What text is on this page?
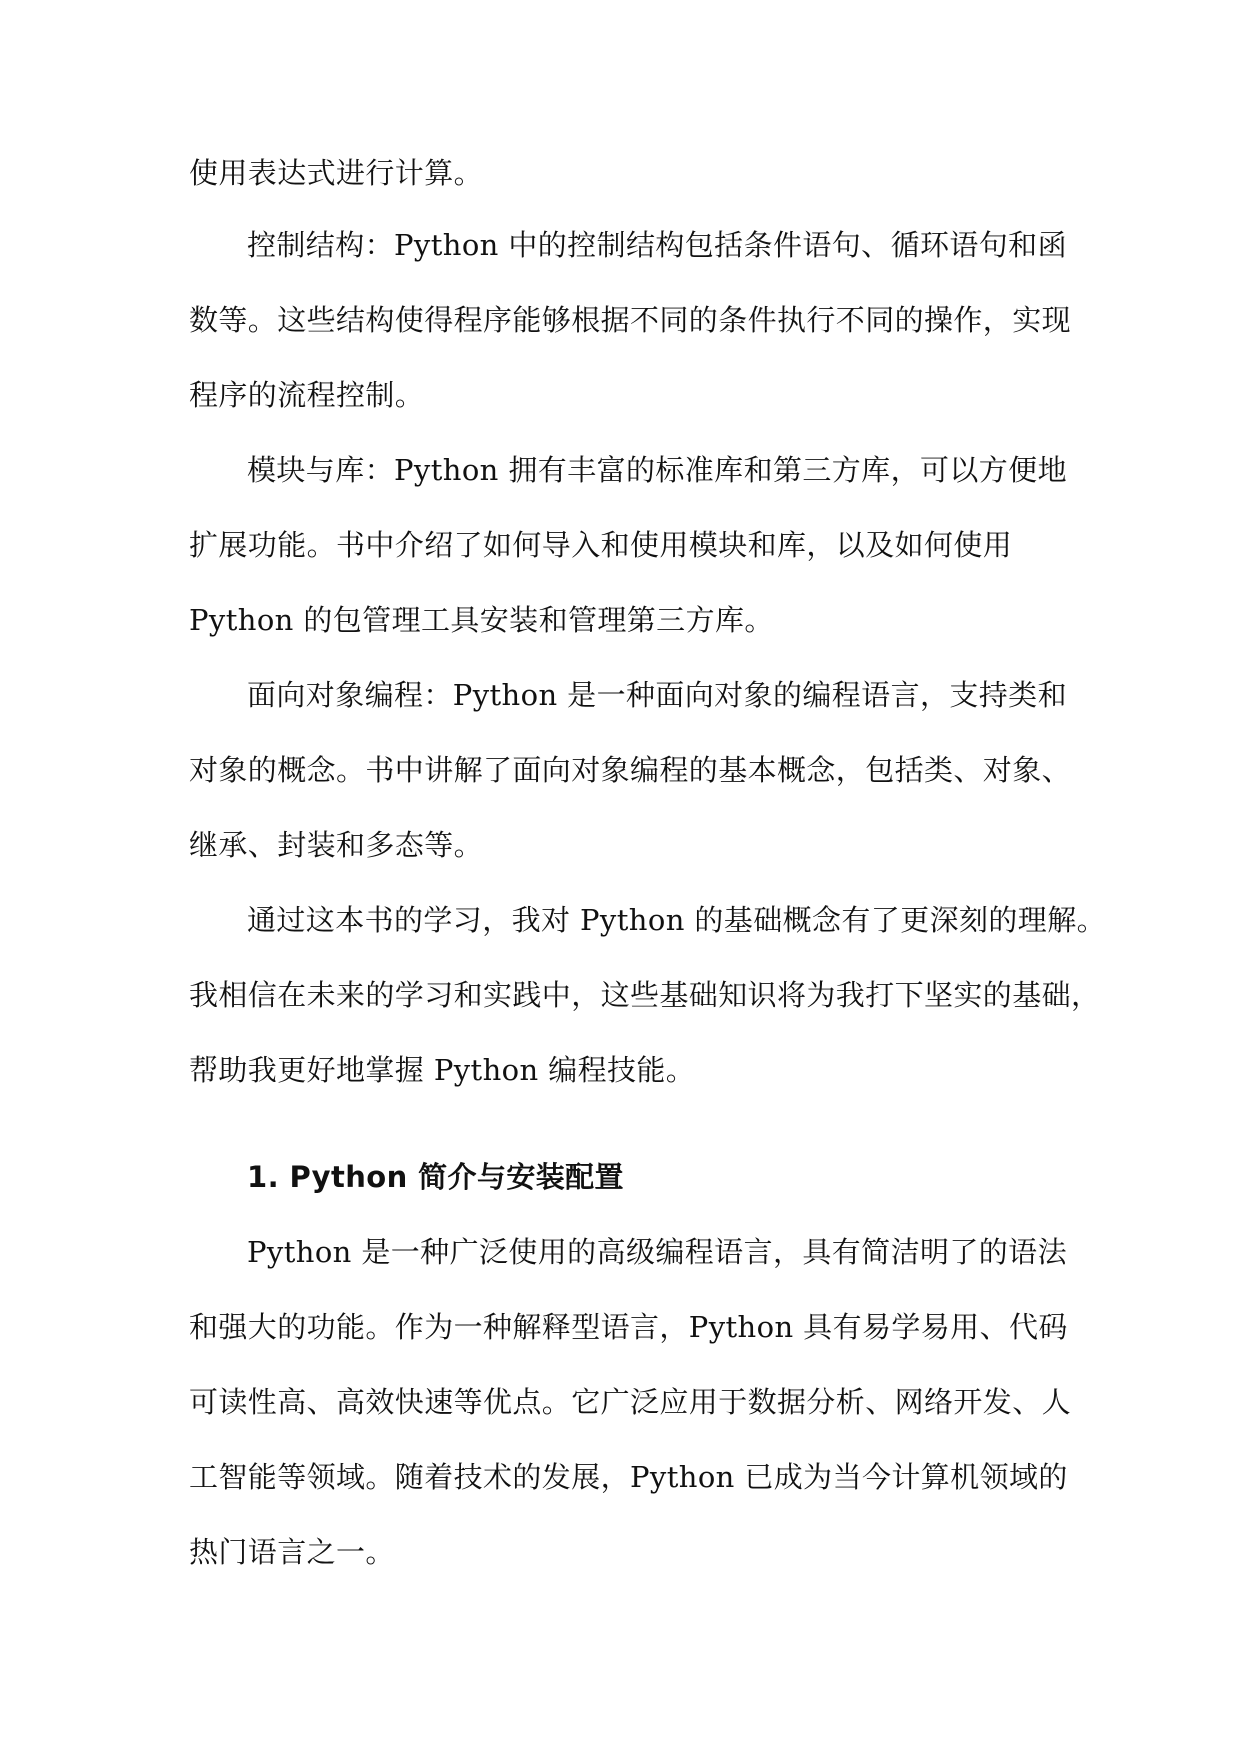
使用表达式进行计算。
控制结构：Python 中的控制结构包括条件语句、循环语句和函
数等。这些结构使得程序能够根据不同的条件执行不同的操作，实现
程序的流程控制。
模块与库：Python 拥有丰富的标准库和第三方库，可以方便地
扩展功能。书中介绍了如何导入和使用模块和库，以及如何使用
Python 的包管理工具安装和管理第三方库。
面向对象编程：Python 是一种面向对象的编程语言，支持类和
对象的概念。书中讲解了面向对象编程的基本概念，包括类、对象、
继承、封装和多态等。
通过这本书的学习，我对 Python 的基础概念有了更深刻的理解。
我相信在未来的学习和实践中，这些基础知识将为我打下坚实的基础，
帮助我更好地掌握 Python 编程技能。
1. Python 简介与安装配置
Python 是一种广泛使用的高级编程语言，具有简洁明了的语法
和强大的功能。作为一种解释型语言，Python 具有易学易用、代码
可读性高、高效快速等优点。它广泛应用于数据分析、网络开发、人
工智能等领域。随着技术的发展，Python 已成为当今计算机领域的
热门语言之一。
